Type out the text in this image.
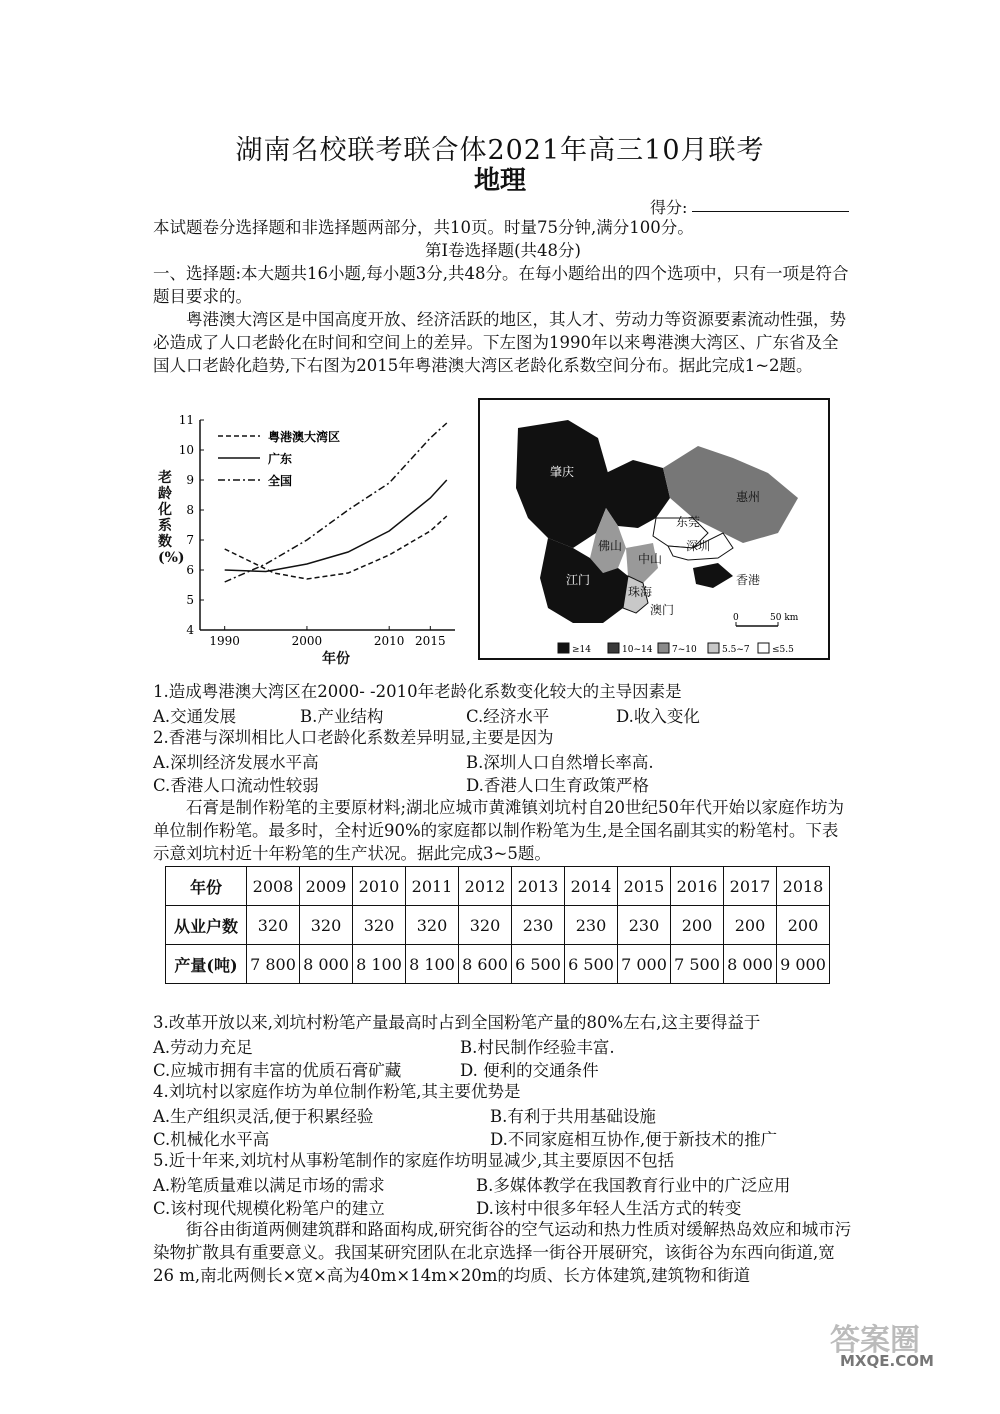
湖南名校联考联合体2021年高三10月联考
地理
得分:
本试题卷分选择题和非选择题两部分，共10页。时量75分钟,满分100分。
第Ⅰ卷选择题(共48分)
一、选择题:本大题共16小题,每小题3分,共48分。在每小题给出的四个选项中，只有一项是符合题目要求的。
粤港澳大湾区是中国高度开放、经济活跃的地区，其人才、劳动力等资源要素流动性强，势必造成了人口老龄化在时间和空间上的差异。下左图为1990年以来粤港澳大湾区、广东省及全国人口老龄化趋势,下右图为2015年粤港澳大湾区老龄化系数空间分布。据此完成1~2题。
4
5
6
7
8
9
10
11
1990	2000	2010 2015
粤港澳大湾区
广东
全国
老龄化系数(%)
年份
肇庆
惠州
佛山
东莞
中山
深圳
江门
珠海
香港
澳门
≥14	10~14 7~10	5.5~7 ≤5.5
0	50 km
1.造成粤港澳大湾区在2000- -2010年老龄化系数变化较大的主导因素是
A.交通发展	B.产业结构	C.经济水平	D.收入变化
2.香港与深圳相比人口老龄化系数差异明显,主要是因为
A.深圳经济发展水平高	B.深圳人口自然增长率高.
C.香港人口流动性较弱	D.香港人口生育政策严格
石膏是制作粉笔的主要原材料;湖北应城市黄滩镇刘坑村自20世纪50年代开始以家庭作坊为单位制作粉笔。最多时，全村近90%的家庭都以制作粉笔为生,是全国名副其实的粉笔村。下表示意刘坑村近十年粉笔的生产状况。据此完成3~5题。
年份	2008	2009	2010	2011	2012	2013	2014	2015	2016	2017	2018
从业户数	320	320	320	320	320	230	230	230	200	200	200
产量(吨)	7 800	8 000	8 100	8 100	8 600	6 500	6 500	7 000	7 500	8 000	9 000
3.改革开放以来,刘坑村粉笔产量最高时占到全国粉笔产量的80%左右,这主要得益于
A.劳动力充足	B.村民制作经验丰富.
C.应城市拥有丰富的优质石膏矿藏	D. 便利的交通条件
4.刘坑村以家庭作坊为单位制作粉笔,其主要优势是
A.生产组织灵活,便于积累经验	B.有利于共用基础设施
C.机械化水平高	D.不同家庭相互协作,便于新技术的推广
5.近十年来,刘坑村从事粉笔制作的家庭作坊明显减少,其主要原因不包括
A.粉笔质量难以满足市场的需求	B.多媒体教学在我国教育行业中的广泛应用
C.该村现代规模化粉笔户的建立	D.该村中很多年轻人生活方式的转变
街谷由街道两侧建筑群和路面构成,研究街谷的空气运动和热力性质对缓解热岛效应和城市污染物扩散具有重要意义。我国某研究团队在北京选择一街谷开展研究，该街谷为东西向街道,宽26 m,南北两侧长×宽×高为40m×14m×20m的均质、长方体建筑,建筑物和街道
MXQE.COM
答案圈
